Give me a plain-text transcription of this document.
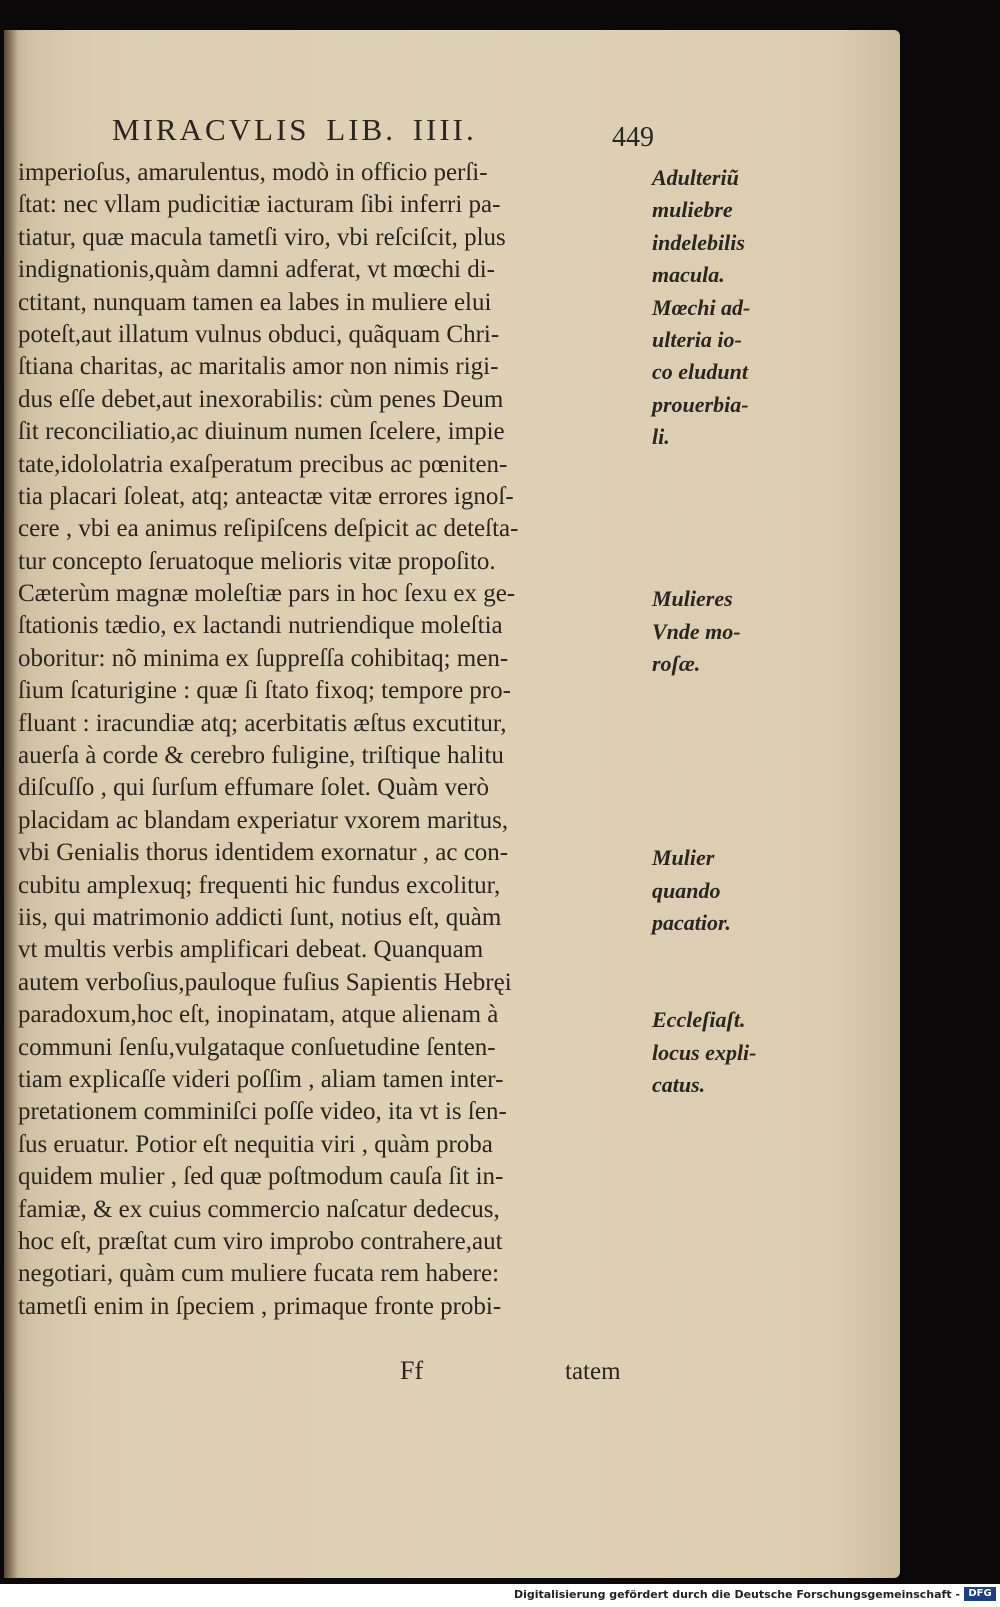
MIRACVLIS LIB. IIII.	449
imperioſus, amarulentus, modò in officio perſi-
ſtat: nec vllam pudicitiæ iacturam ſibi inferri pa-
tiatur, quæ macula tametſi viro, vbi reſciſcit, plus
indignationis,quàm damni adferat, vt mœchi di-
ctitant, nunquam tamen ea labes in muliere elui
poteſt,aut illatum vulnus obduci, quãquam Chri-
ſtiana charitas, ac maritalis amor non nimis rigi-
dus eſſe debet,aut inexorabilis: cùm penes Deum
ſit reconciliatio,ac diuinum numen ſcelere, impie
tate,idololatria exaſperatum precibus ac pœniten-
tia placari ſoleat, atq; anteactæ vitæ errores ignoſ-
cere , vbi ea animus reſipiſcens deſpicit ac deteſta-
tur concepto ſeruatoque melioris vitæ propoſito.
Cæterùm magnæ moleſtiæ pars in hoc ſexu ex ge-
ſtationis tædio, ex lactandi nutriendique moleſtia
oboritur: nõ minima ex ſuppreſſa cohibitaq; men-
ſium ſcaturigine : quæ ſi ſtato fixoq; tempore pro-
fluant : iracundiæ atq; acerbitatis æſtus excutitur,
auerſa à corde & cerebro fuligine, triſtique halitu
diſcuſſo , qui ſurſum effumare ſolet. Quàm verò
placidam ac blandam experiatur vxorem maritus,
vbi Genialis thorus identidem exornatur , ac con-
cubitu amplexuq; frequenti hic fundus excolitur,
iis, qui matrimonio addicti ſunt, notius eſt, quàm
vt multis verbis amplificari debeat. Quanquam
autem verboſius,pauloque fuſius Sapientis Hebręi
paradoxum,hoc eſt, inopinatam, atque alienam à
communi ſenſu,vulgataque conſuetudine ſenten-
tiam explicaſſe videri poſſim , aliam tamen inter-
pretationem comminiſci poſſe video, ita vt is ſen-
ſus eruatur. Potior eſt nequitia viri , quàm proba
quidem mulier , ſed quæ poſtmodum cauſa ſit in-
famiæ, & ex cuius commercio naſcatur dedecus,
hoc eſt, præſtat cum viro improbo contrahere,aut
negotiari, quàm cum muliere fucata rem habere:
tametſi enim in ſpeciem , primaque fronte probi-
Adulteriũ
muliebre
indelebilis
macula.
Mœchi ad-
ulteria io-
co eludunt
prouerbia-
li.
Mulieres
Vnde mo-
roſæ.
Mulier
quando
pacatior.
Eccleſiaſt.
locus expli-
catus.
Ff	tatem
Digitalisierung gefördert durch die Deutsche Forschungsgemeinschaft - DFG
